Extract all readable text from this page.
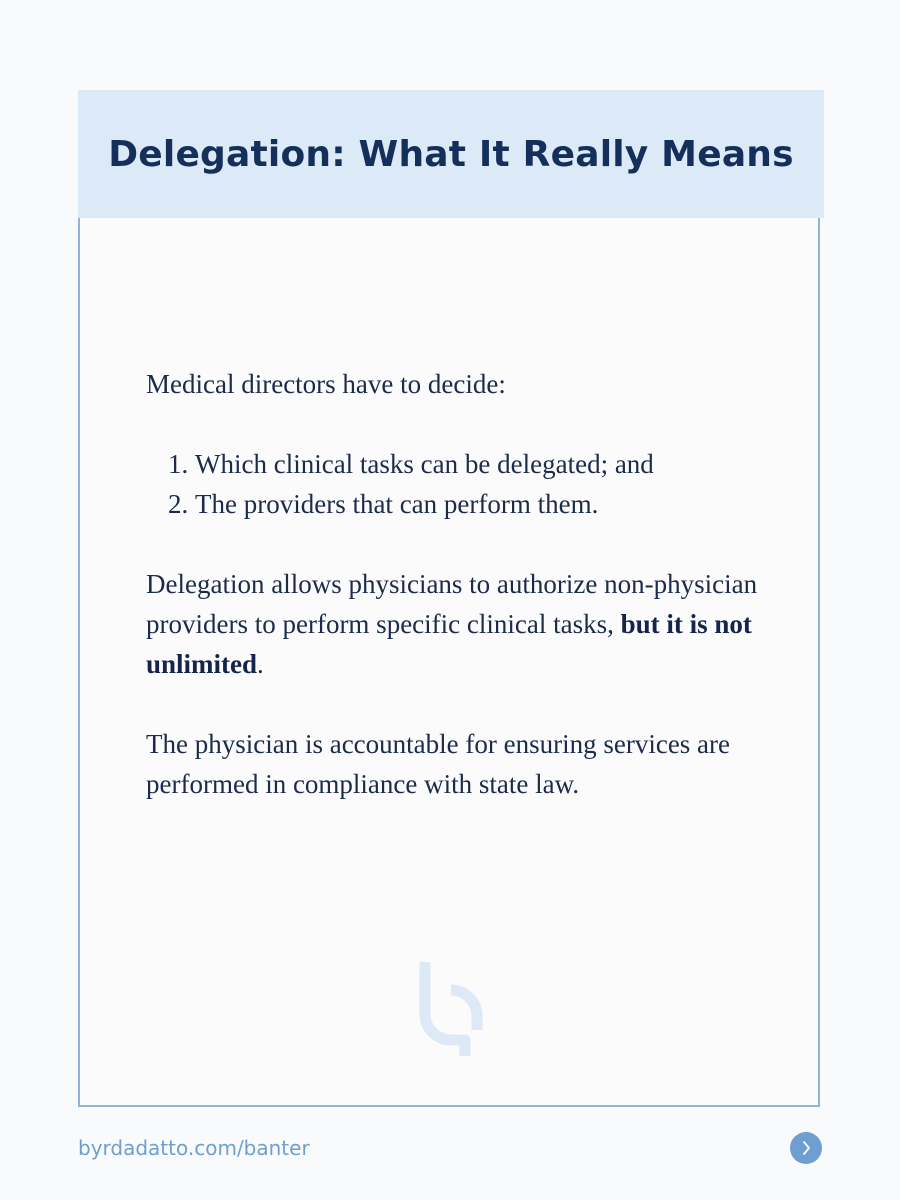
Delegation: What It Really Means

Medical directors have to decide:

1. Which clinical tasks can be delegated; and
2. The providers that can perform them.

Delegation allows physicians to authorize non-physician providers to perform specific clinical tasks, but it is not unlimited.

The physician is accountable for ensuring services are performed in compliance with state law.

byrdadatto.com/banter
